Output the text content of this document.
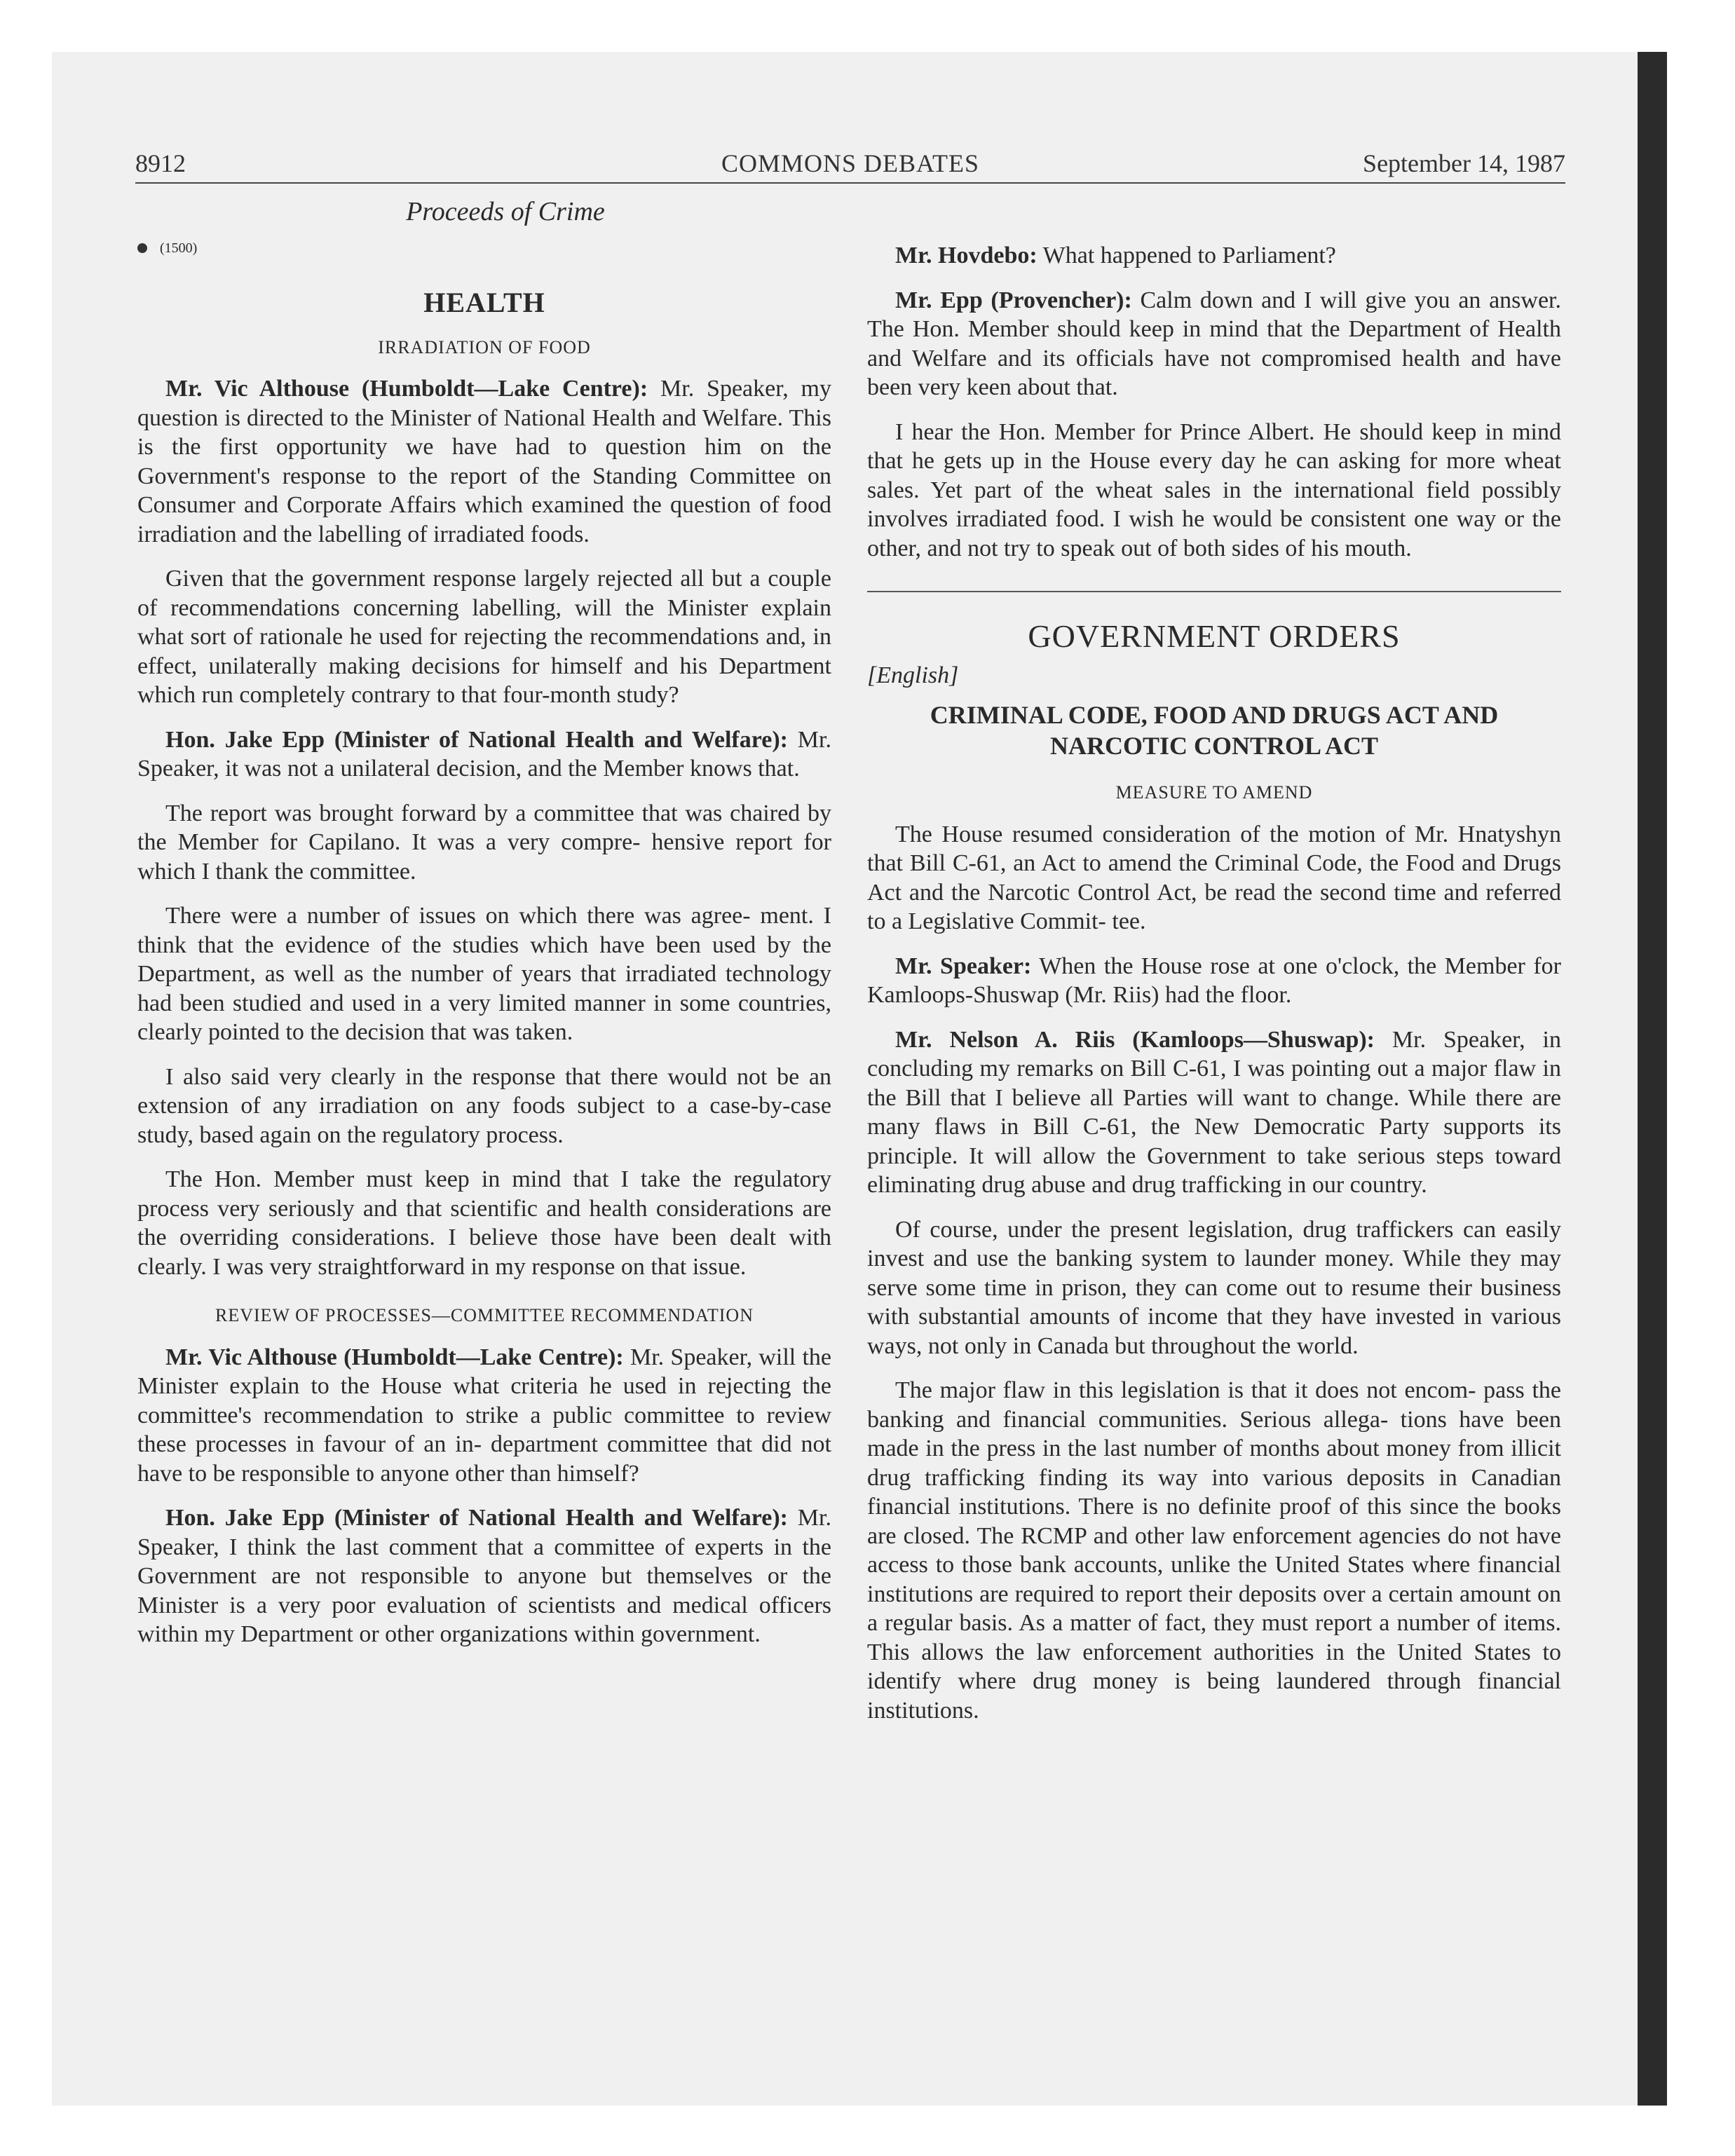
8912	COMMONS DEBATES	September 14, 1987
Proceeds of Crime
(1500)
HEALTH
IRRADIATION OF FOOD

Mr. Vic Althouse (Humboldt—Lake Centre): Mr. Speaker, my question is directed to the Minister of National Health and Welfare. This is the first opportunity we have had to question him on the Government's response to the report of the Standing Committee on Consumer and Corporate Affairs which examined the question of food irradiation and the labelling of irradiated foods.

Given that the government response largely rejected all but a couple of recommendations concerning labelling, will the Minister explain what sort of rationale he used for rejecting the recommendations and, in effect, unilaterally making decisions for himself and his Department which run completely contrary to that four-month study?

Hon. Jake Epp (Minister of National Health and Welfare): Mr. Speaker, it was not a unilateral decision, and the Member knows that.

The report was brought forward by a committee that was chaired by the Member for Capilano. It was a very compre- hensive report for which I thank the committee.

There were a number of issues on which there was agree- ment. I think that the evidence of the studies which have been used by the Department, as well as the number of years that irradiated technology had been studied and used in a very limited manner in some countries, clearly pointed to the decision that was taken.

I also said very clearly in the response that there would not be an extension of any irradiation on any foods subject to a case-by-case study, based again on the regulatory process.

The Hon. Member must keep in mind that I take the regulatory process very seriously and that scientific and health considerations are the overriding considerations. I believe those have been dealt with clearly. I was very straightforward in my response on that issue.

REVIEW OF PROCESSES—COMMITTEE RECOMMENDATION

Mr. Vic Althouse (Humboldt—Lake Centre): Mr. Speaker, will the Minister explain to the House what criteria he used in rejecting the committee's recommendation to strike a public committee to review these processes in favour of an in- department committee that did not have to be responsible to anyone other than himself?

Hon. Jake Epp (Minister of National Health and Welfare): Mr. Speaker, I think the last comment that a committee of experts in the Government are not responsible to anyone but themselves or the Minister is a very poor evaluation of scientists and medical officers within my Department or other organizations within government.

Mr. Hovdebo: What happened to Parliament?

Mr. Epp (Provencher): Calm down and I will give you an answer. The Hon. Member should keep in mind that the Department of Health and Welfare and its officials have not compromised health and have been very keen about that.

I hear the Hon. Member for Prince Albert. He should keep in mind that he gets up in the House every day he can asking for more wheat sales. Yet part of the wheat sales in the international field possibly involves irradiated food. I wish he would be consistent one way or the other, and not try to speak out of both sides of his mouth.

GOVERNMENT ORDERS
[English]
CRIMINAL CODE, FOOD AND DRUGS ACT AND NARCOTIC CONTROL ACT
MEASURE TO AMEND

The House resumed consideration of the motion of Mr. Hnatyshyn that Bill C-61, an Act to amend the Criminal Code, the Food and Drugs Act and the Narcotic Control Act, be read the second time and referred to a Legislative Commit- tee.

Mr. Speaker: When the House rose at one o'clock, the Member for Kamloops-Shuswap (Mr. Riis) had the floor.

Mr. Nelson A. Riis (Kamloops—Shuswap): Mr. Speaker, in concluding my remarks on Bill C-61, I was pointing out a major flaw in the Bill that I believe all Parties will want to change. While there are many flaws in Bill C-61, the New Democratic Party supports its principle. It will allow the Government to take serious steps toward eliminating drug abuse and drug trafficking in our country.

Of course, under the present legislation, drug traffickers can easily invest and use the banking system to launder money. While they may serve some time in prison, they can come out to resume their business with substantial amounts of income that they have invested in various ways, not only in Canada but throughout the world.

The major flaw in this legislation is that it does not encom- pass the banking and financial communities. Serious allega- tions have been made in the press in the last number of months about money from illicit drug trafficking finding its way into various deposits in Canadian financial institutions. There is no definite proof of this since the books are closed. The RCMP and other law enforcement agencies do not have access to those bank accounts, unlike the United States where financial institutions are required to report their deposits over a certain amount on a regular basis. As a matter of fact, they must report a number of items. This allows the law enforcement authorities in the United States to identify where drug money is being laundered through financial institutions.
